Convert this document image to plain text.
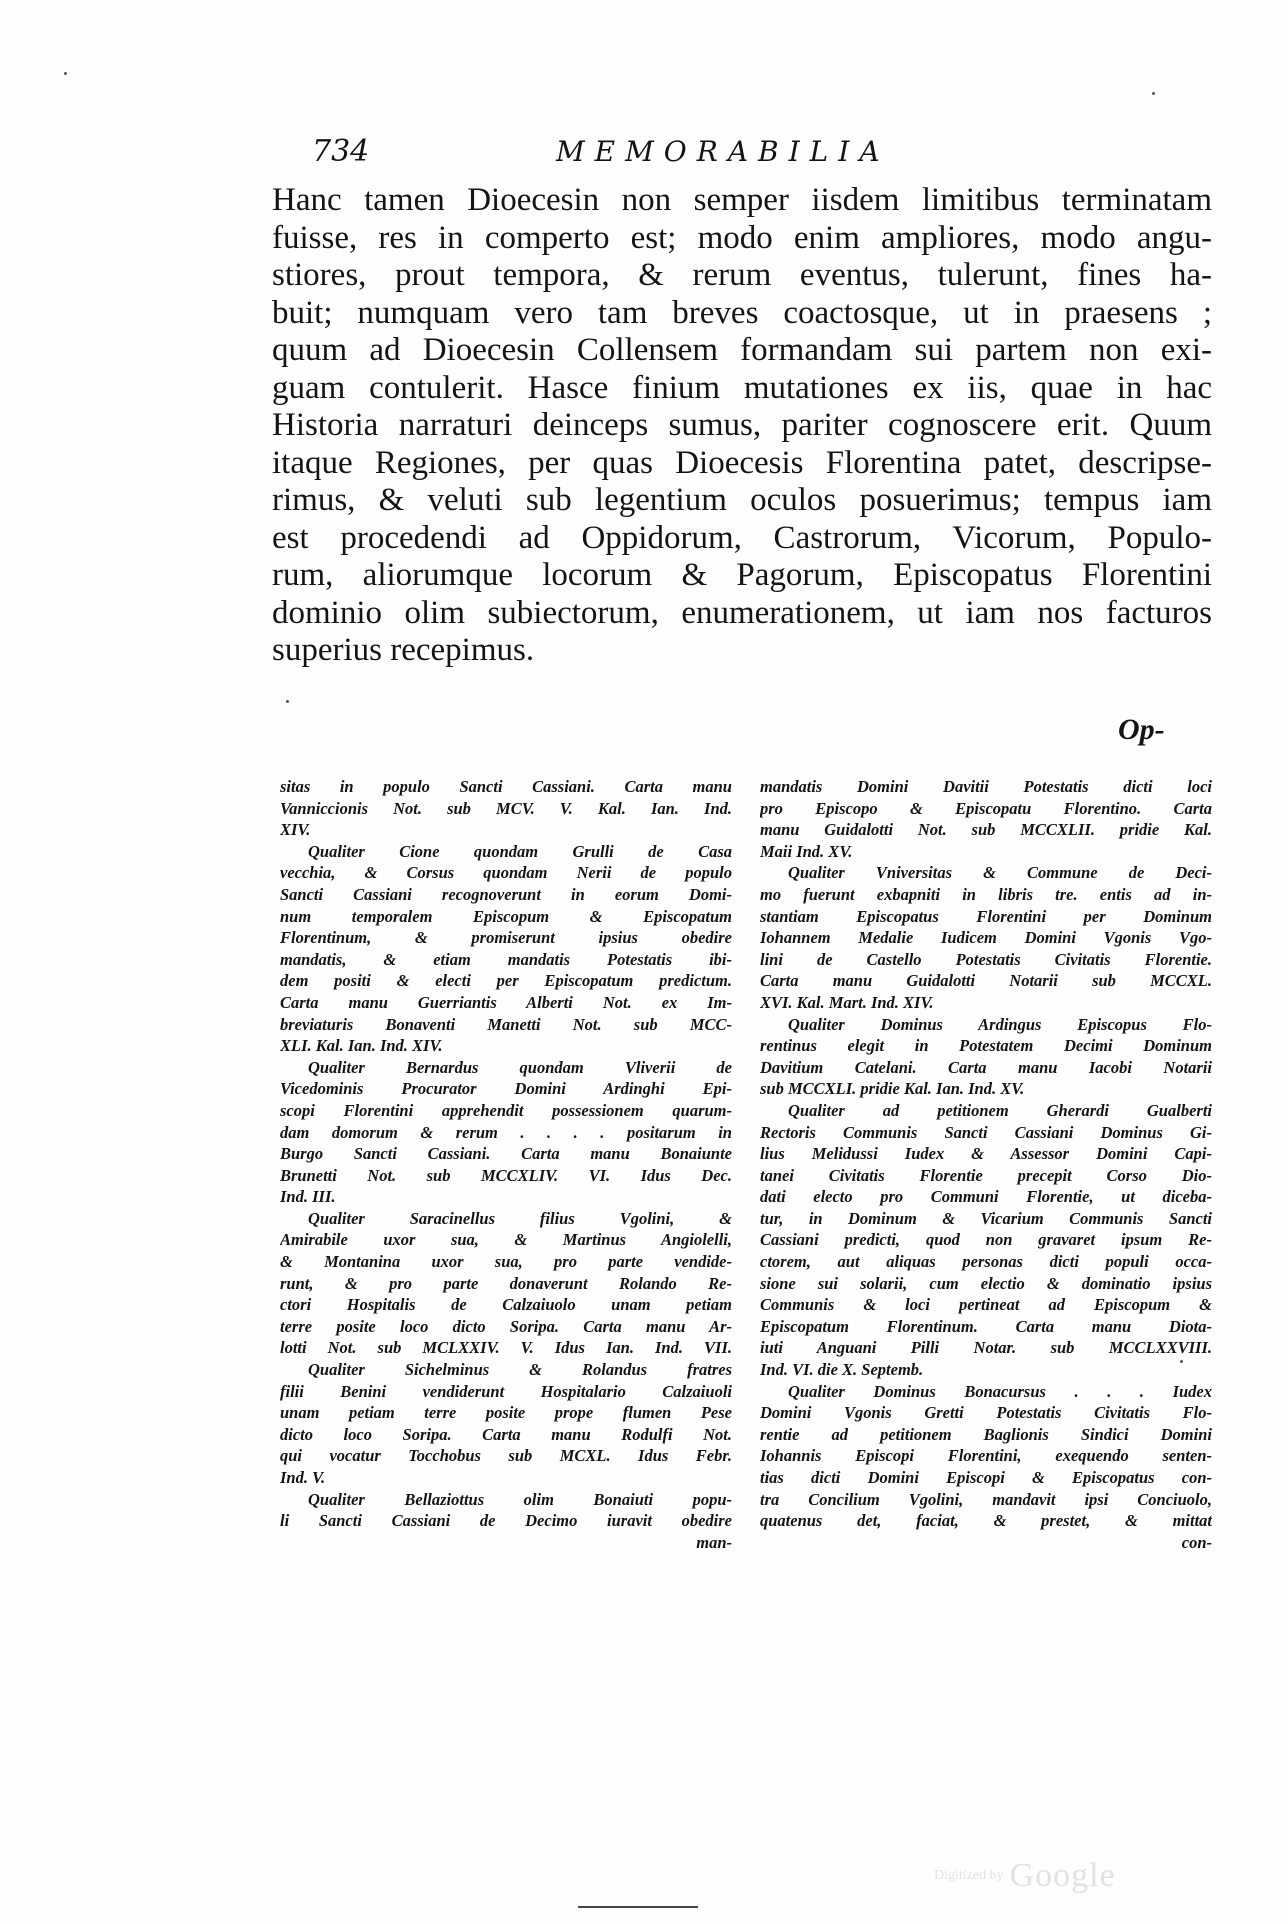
734	MEMORABILIA
Hanc tamen Dioecesin non semper iisdem limitibus terminatam
fuisse, res in comperto est; modo enim ampliores, modo angu-
stiores, prout tempora, & rerum eventus, tulerunt, fines ha-
buit; numquam vero tam breves coactosque, ut in praesens ;
quum ad Dioecesin Collensem formandam sui partem non exi-
guam contulerit. Hasce finium mutationes ex iis, quae in hac
Historia narraturi deinceps sumus, pariter cognoscere erit. Quum
itaque Regiones, per quas Dioecesis Florentina patet, descripse-
rimus, & veluti sub legentium oculos posuerimus; tempus iam
est procedendi ad Oppidorum, Castrorum, Vicorum, Populo-
rum, aliorumque locorum & Pagorum, Episcopatus Florentini
dominio olim subiectorum, enumerationem, ut iam nos facturos
superius recepimus.
Op-
sitas in populo Sancti Cassiani. Carta manu
Vanniccionis Not. sub MCV. V. Kal. Ian. Ind.
XIV.
Qualiter Cione quondam Grulli de Casa
vecchia, & Corsus quondam Nerii de populo
Sancti Cassiani recognoverunt in eorum Domi-
num temporalem Episcopum & Episcopatum
Florentinum, & promiserunt ipsius obedire
mandatis, & etiam mandatis Potestatis ibi-
dem positi & electi per Episcopatum predictum.
Carta manu Guerriantis Alberti Not. ex Im-
breviaturis Bonaventi Manetti Not. sub MCC-
XLI. Kal. Ian. Ind. XIV.
Qualiter Bernardus quondam Vliverii de
Vicedominis Procurator Domini Ardinghi Epi-
scopi Florentini apprehendit possessionem quarum-
dam domorum & rerum . . . . positarum in
Burgo Sancti Cassiani. Carta manu Bonaiunte
Brunetti Not. sub MCCXLIV. VI. Idus Dec.
Ind. III.
Qualiter Saracinellus filius Vgolini, &
Amirabile uxor sua, & Martinus Angiolelli,
& Montanina uxor sua, pro parte vendide-
runt, & pro parte donaverunt Rolando Re-
ctori Hospitalis de Calzaiuolo unam petiam
terre posite loco dicto Soripa. Carta manu Ar-
lotti Not. sub MCLXXIV. V. Idus Ian. Ind. VII.
Qualiter Sichelminus & Rolandus fratres
filii Benini vendiderunt Hospitalario Calzaiuoli
unam petiam terre posite prope flumen Pese
dicto loco Soripa. Carta manu Rodulfi Not.
qui vocatur Tocchobus sub MCXL. Idus Febr.
Ind. V.
Qualiter Bellaziottus olim Bonaiuti popu-
li Sancti Cassiani de Decimo iuravit obedire
man-
mandatis Domini Davitii Potestatis dicti loci
pro Episcopo & Episcopatu Florentino. Carta
manu Guidalotti Not. sub MCCXLII. pridie Kal.
Maii Ind. XV.
Qualiter Vniversitas & Commune de Deci-
mo fuerunt exbapniti in libris tre. entis ad in-
stantiam Episcopatus Florentini per Dominum
Iohannem Medalie Iudicem Domini Vgonis Vgo-
lini de Castello Potestatis Civitatis Florentie.
Carta manu Guidalotti Notarii sub MCCXL.
XVI. Kal. Mart. Ind. XIV.
Qualiter Dominus Ardingus Episcopus Flo-
rentinus elegit in Potestatem Decimi Dominum
Davitium Catelani. Carta manu Iacobi Notarii
sub MCCXLI. pridie Kal. Ian. Ind. XV.
Qualiter ad petitionem Gherardi Gualberti
Rectoris Communis Sancti Cassiani Dominus Gi-
lius Melidussi Iudex & Assessor Domini Capi-
tanei Civitatis Florentie precepit Corso Dio-
dati electo pro Communi Florentie, ut diceba-
tur, in Dominum & Vicarium Communis Sancti
Cassiani predicti, quod non gravaret ipsum Re-
ctorem, aut aliquas personas dicti populi occa-
sione sui solarii, cum electio & dominatio ipsius
Communis & loci pertineat ad Episcopum &
Episcopatum Florentinum. Carta manu Diota-
iuti Anguani Pilli Notar. sub MCCLXXVIII.
Ind. VI. die X. Septemb.
Qualiter Dominus Bonacursus . . . Iudex
Domini Vgonis Gretti Potestatis Civitatis Flo-
rentie ad petitionem Baglionis Sindici Domini
Iohannis Episcopi Florentini, exequendo senten-
tias dicti Domini Episcopi & Episcopatus con-
tra Concilium Vgolini, mandavit ipsi Conciuolo,
quatenus det, faciat, & prestet, & mittat
con-
Digitized by Google
